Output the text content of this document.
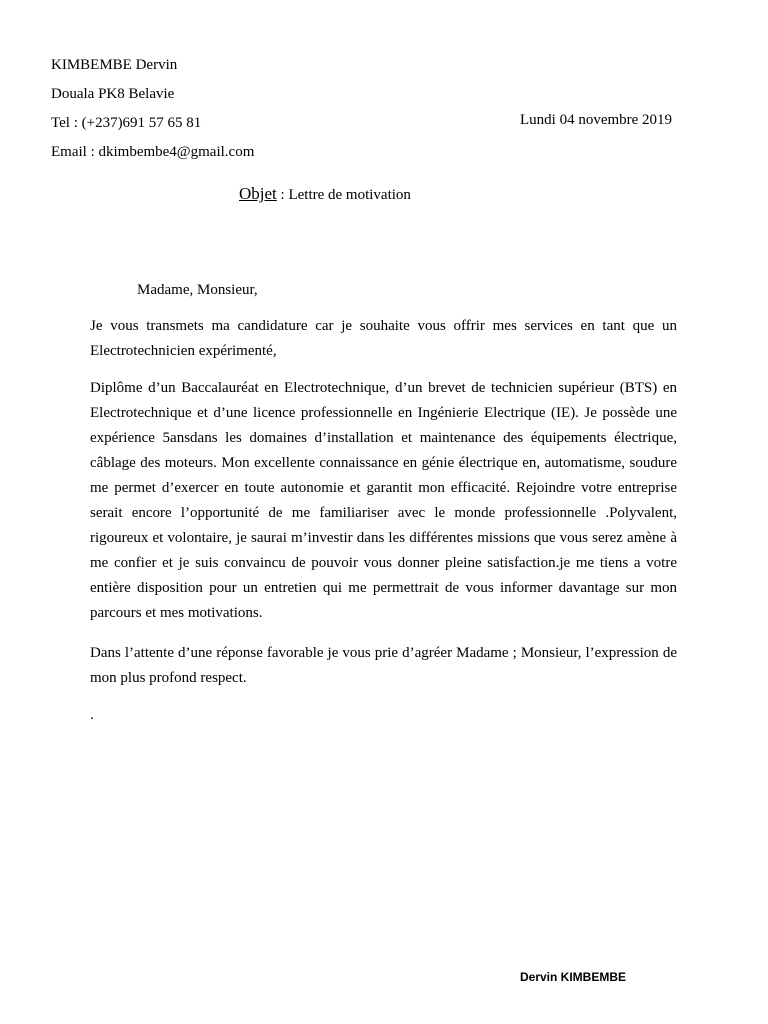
KIMBEMBE Dervin
Douala PK8 Belavie
Tel : (+237)691 57 65 81
Email : dkimbembe4@gmail.com
Lundi 04 novembre 2019
Objet : Lettre de motivation
Madame, Monsieur,

Je vous transmets ma candidature car je souhaite vous offrir mes services en tant que un Electrotechnicien expérimenté,

Diplôme d’un Baccalauréat en Electrotechnique, d’un brevet de technicien supérieur (BTS) en Electrotechnique et d’une licence professionnelle en Ingénierie Electrique (IE). Je possède une expérience 5ansdans les domaines d’installation et maintenance des équipements électrique, câblage des moteurs. Mon excellente connaissance en génie électrique en, automatisme, soudure me permet d’exercer en toute autonomie et garantit mon efficacité. Rejoindre votre entreprise serait encore l’opportunité de me familiariser avec le monde professionnelle .Polyvalent, rigoureux et volontaire, je saurai m’investir dans les différentes missions que vous serez amène à me confier et je suis convaincu de pouvoir vous donner pleine satisfaction.je me tiens a votre entière disposition pour un entretien qui me permettrait de vous informer davantage sur mon parcours et mes motivations.

Dans l’attente d’une réponse favorable je vous prie d’agréer Madame ; Monsieur, l’expression de mon plus profond respect.

.
Dervin KIMBEMBE
